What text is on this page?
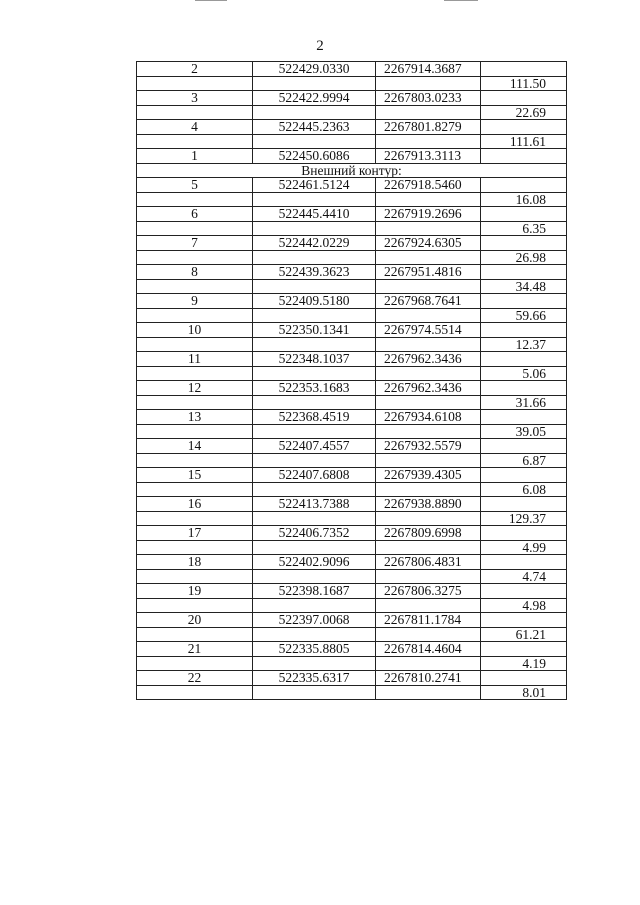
2
2	522429.0330	2267914.3687	
			111.50
3	522422.9994	2267803.0233	
			22.69
4	522445.2363	2267801.8279	
			111.61
1	522450.6086	2267913.3113	
Внешний контур:			
5	522461.5124	2267918.5460	
			16.08
6	522445.4410	2267919.2696	
			6.35
7	522442.0229	2267924.6305	
			26.98
8	522439.3623	2267951.4816	
			34.48
9	522409.5180	2267968.7641	
			59.66
10	522350.1341	2267974.5514	
			12.37
11	522348.1037	2267962.3436	
			5.06
12	522353.1683	2267962.3436	
			31.66
13	522368.4519	2267934.6108	
			39.05
14	522407.4557	2267932.5579	
			6.87
15	522407.6808	2267939.4305	
			6.08
16	522413.7388	2267938.8890	
			129.37
17	522406.7352	2267809.6998	
			4.99
18	522402.9096	2267806.4831	
			4.74
19	522398.1687	2267806.3275	
			4.98
20	522397.0068	2267811.1784	
			61.21
21	522335.8805	2267814.4604	
			4.19
22	522335.6317	2267810.2741	
			8.01
